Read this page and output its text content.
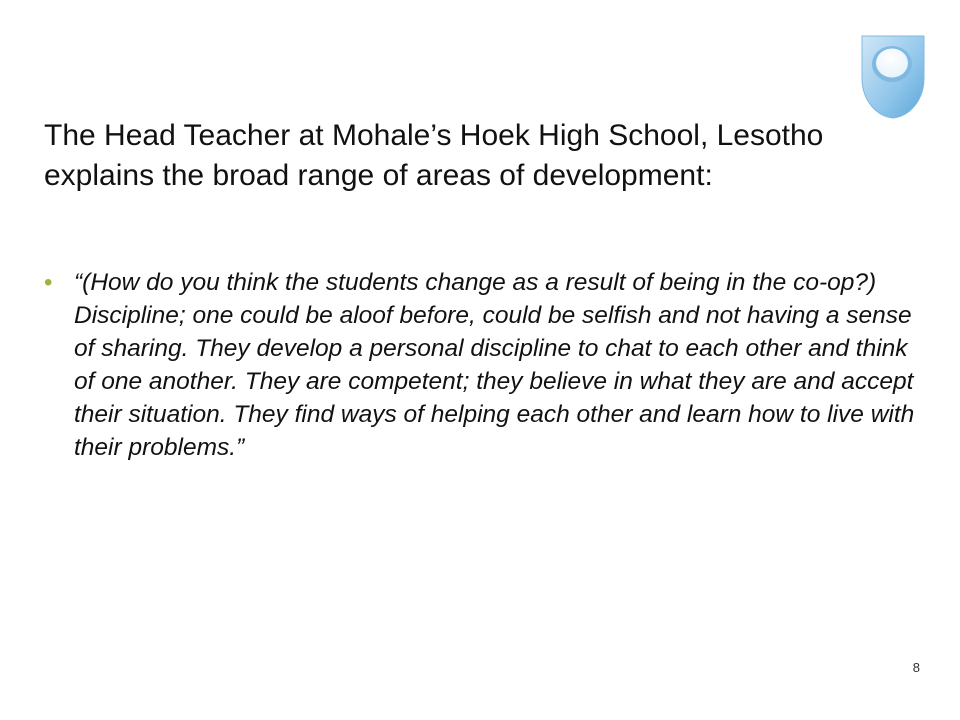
The Head Teacher at Mohale’s Hoek High School, Lesotho explains the broad range of areas of development:
• “(How do you think the students change as a result of being in the co-op?) Discipline; one could be aloof before, could be selfish and not having a sense of sharing. They develop a personal discipline to chat to each other and think of one another. They are competent; they believe in what they are and accept their situation. They find ways of helping each other and learn how to live with their problems.”
8
